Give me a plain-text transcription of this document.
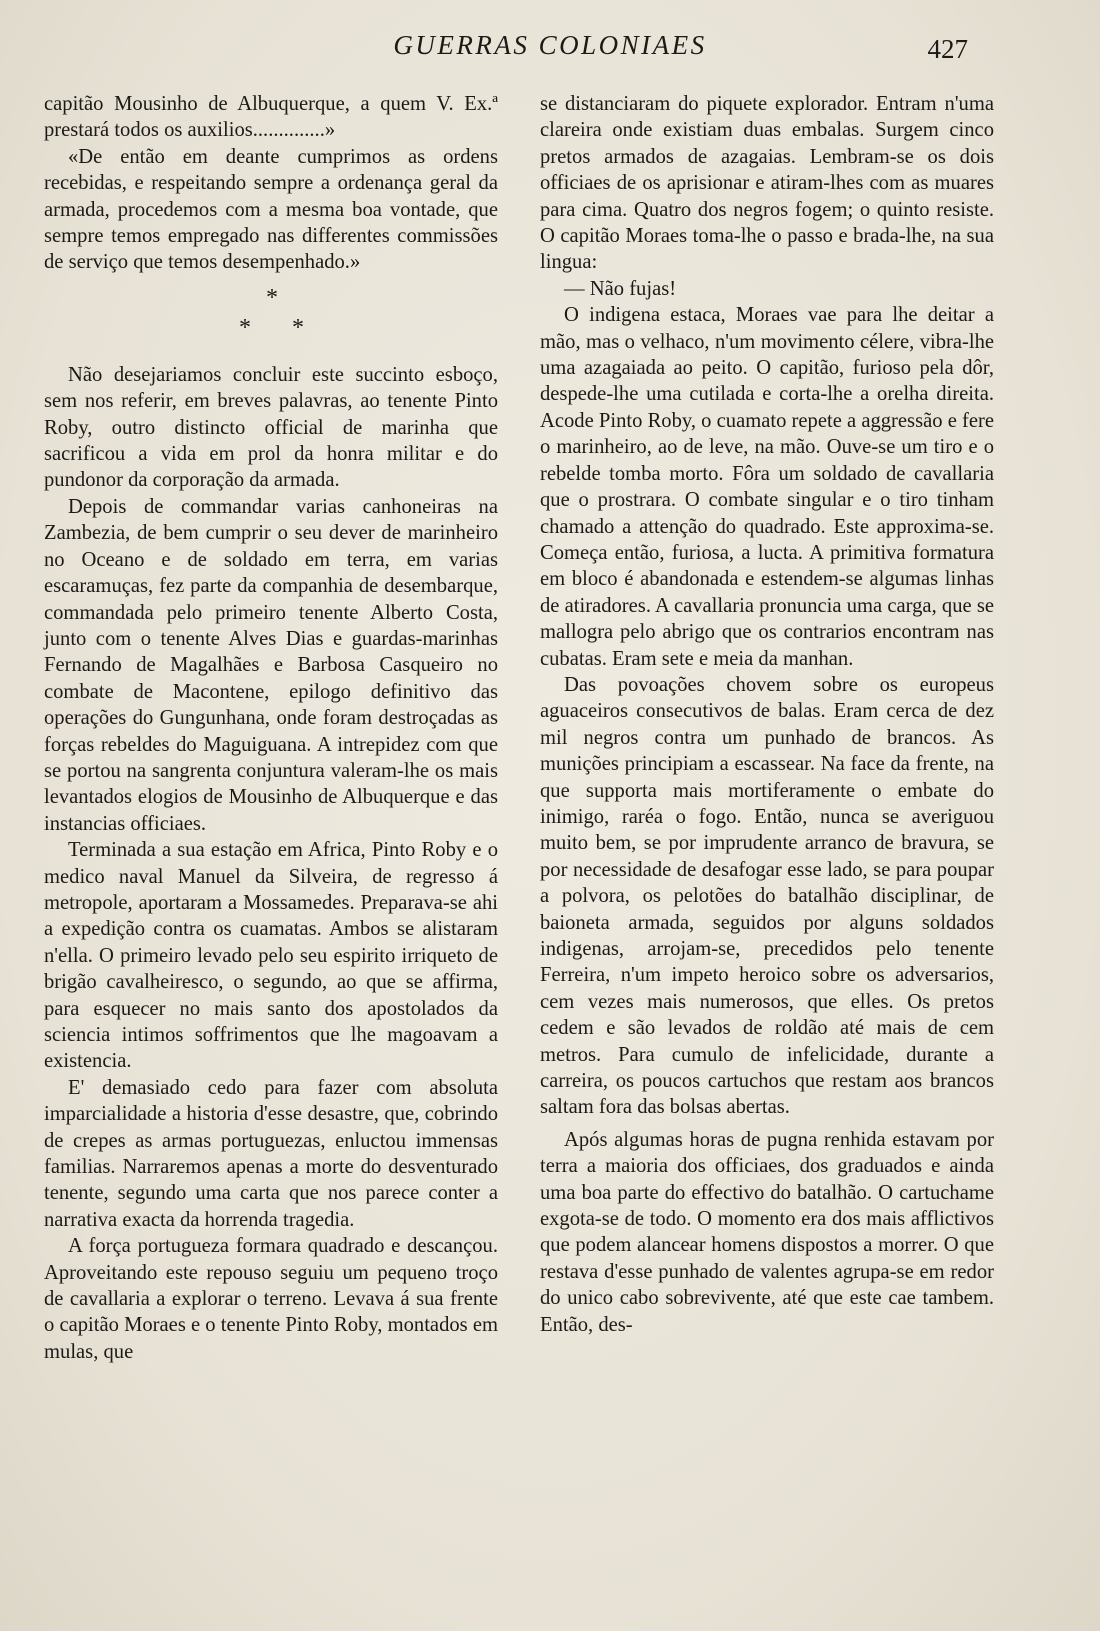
GUERRAS COLONIAES	427

capitão Mousinho de Albuquerque, a quem V. Ex.ª prestará todos os auxilios..............»

«De então em deante cumprimos as ordens recebidas, e respeitando sempre a ordenança geral da armada, procedemos com a mesma boa vontade, que sempre temos empregado nas differentes commissões de serviço que temos desempenhado.»

*
* *

Não desejariamos concluir este succinto esboço, sem nos referir, em breves palavras, ao tenente Pinto Roby, outro distincto official de marinha que sacrificou a vida em prol da honra militar e do pundonor da corporação da armada.

Depois de commandar varias canhoneiras na Zambezia, de bem cumprir o seu dever de marinheiro no Oceano e de soldado em terra, em varias escaramuças, fez parte da companhia de desembarque, commandada pelo primeiro tenente Alberto Costa, junto com o tenente Alves Dias e guardas-marinhas Fernando de Magalhães e Barbosa Casqueiro no combate de Macontene, epilogo definitivo das operações do Gungunhana, onde foram destroçadas as forças rebeldes do Maguiguana. A intrepidez com que se portou na sangrenta conjuntura valeram-lhe os mais levantados elogios de Mousinho de Albuquerque e das instancias officiaes.

Terminada a sua estação em Africa, Pinto Roby e o medico naval Manuel da Silveira, de regresso á metropole, aportaram a Mossamedes. Preparava-se ahi a expedição contra os cuamatas. Ambos se alistaram n'ella. O primeiro levado pelo seu espirito irriqueto de brigão cavalheiresco, o segundo, ao que se affirma, para esquecer no mais santo dos apostolados da sciencia intimos soffrimentos que lhe magoavam a existencia.

E' demasiado cedo para fazer com absoluta imparcialidade a historia d'esse desastre, que, cobrindo de crepes as armas portuguezas, enluctou immensas familias. Narraremos apenas a morte do desventurado tenente, segundo uma carta que nos parece conter a narrativa exacta da horrenda tragedia.

A força portugueza formara quadrado e descançou. Aproveitando este repouso seguiu um pequeno troço de cavallaria a explorar o terreno. Levava á sua frente o capitão Moraes e o tenente Pinto Roby, montados em mulas, que

se distanciaram do piquete explorador. Entram n'uma clareira onde existiam duas embalas. Surgem cinco pretos armados de azagaias. Lembram-se os dois officiaes de os aprisionar e atiram-lhes com as muares para cima. Quatro dos negros fogem; o quinto resiste. O capitão Moraes toma-lhe o passo e brada-lhe, na sua lingua:

— Não fujas!

O indigena estaca, Moraes vae para lhe deitar a mão, mas o velhaco, n'um movimento célere, vibra-lhe uma azagaiada ao peito. O capitão, furioso pela dôr, despede-lhe uma cutilada e corta-lhe a orelha direita. Acode Pinto Roby, o cuamato repete a aggressão e fere o marinheiro, ao de leve, na mão. Ouve-se um tiro e o rebelde tomba morto. Fôra um soldado de cavallaria que o prostrara. O combate singular e o tiro tinham chamado a attenção do quadrado. Este approxima-se. Começa então, furiosa, a lucta. A primitiva formatura em bloco é abandonada e estendem-se algumas linhas de atiradores. A cavallaria pronuncia uma carga, que se mallogra pelo abrigo que os contrarios encontram nas cubatas. Eram sete e meia da manhan.

Das povoações chovem sobre os europeus aguaceiros consecutivos de balas. Eram cerca de dez mil negros contra um punhado de brancos. As munições principiam a escassear. Na face da frente, na que supporta mais mortiferamente o embate do inimigo, raréa o fogo. Então, nunca se averiguou muito bem, se por imprudente arranco de bravura, se por necessidade de desafogar esse lado, se para poupar a polvora, os pelotões do batalhão disciplinar, de baioneta armada, seguidos por alguns soldados indigenas, arrojam-se, precedidos pelo tenente Ferreira, n'um impeto heroico sobre os adversarios, cem vezes mais numerosos, que elles. Os pretos cedem e são levados de roldão até mais de cem metros. Para cumulo de infelicidade, durante a carreira, os poucos cartuchos que restam aos brancos saltam fora das bolsas abertas.

Após algumas horas de pugna renhida estavam por terra a maioria dos officiaes, dos graduados e ainda uma boa parte do effectivo do batalhão. O cartuchame exgota-se de todo. O momento era dos mais afflictivos que podem alancear homens dispostos a morrer. O que restava d'esse punhado de valentes agrupa-se em redor do unico cabo sobrevivente, até que este cae tambem. Então, des-
